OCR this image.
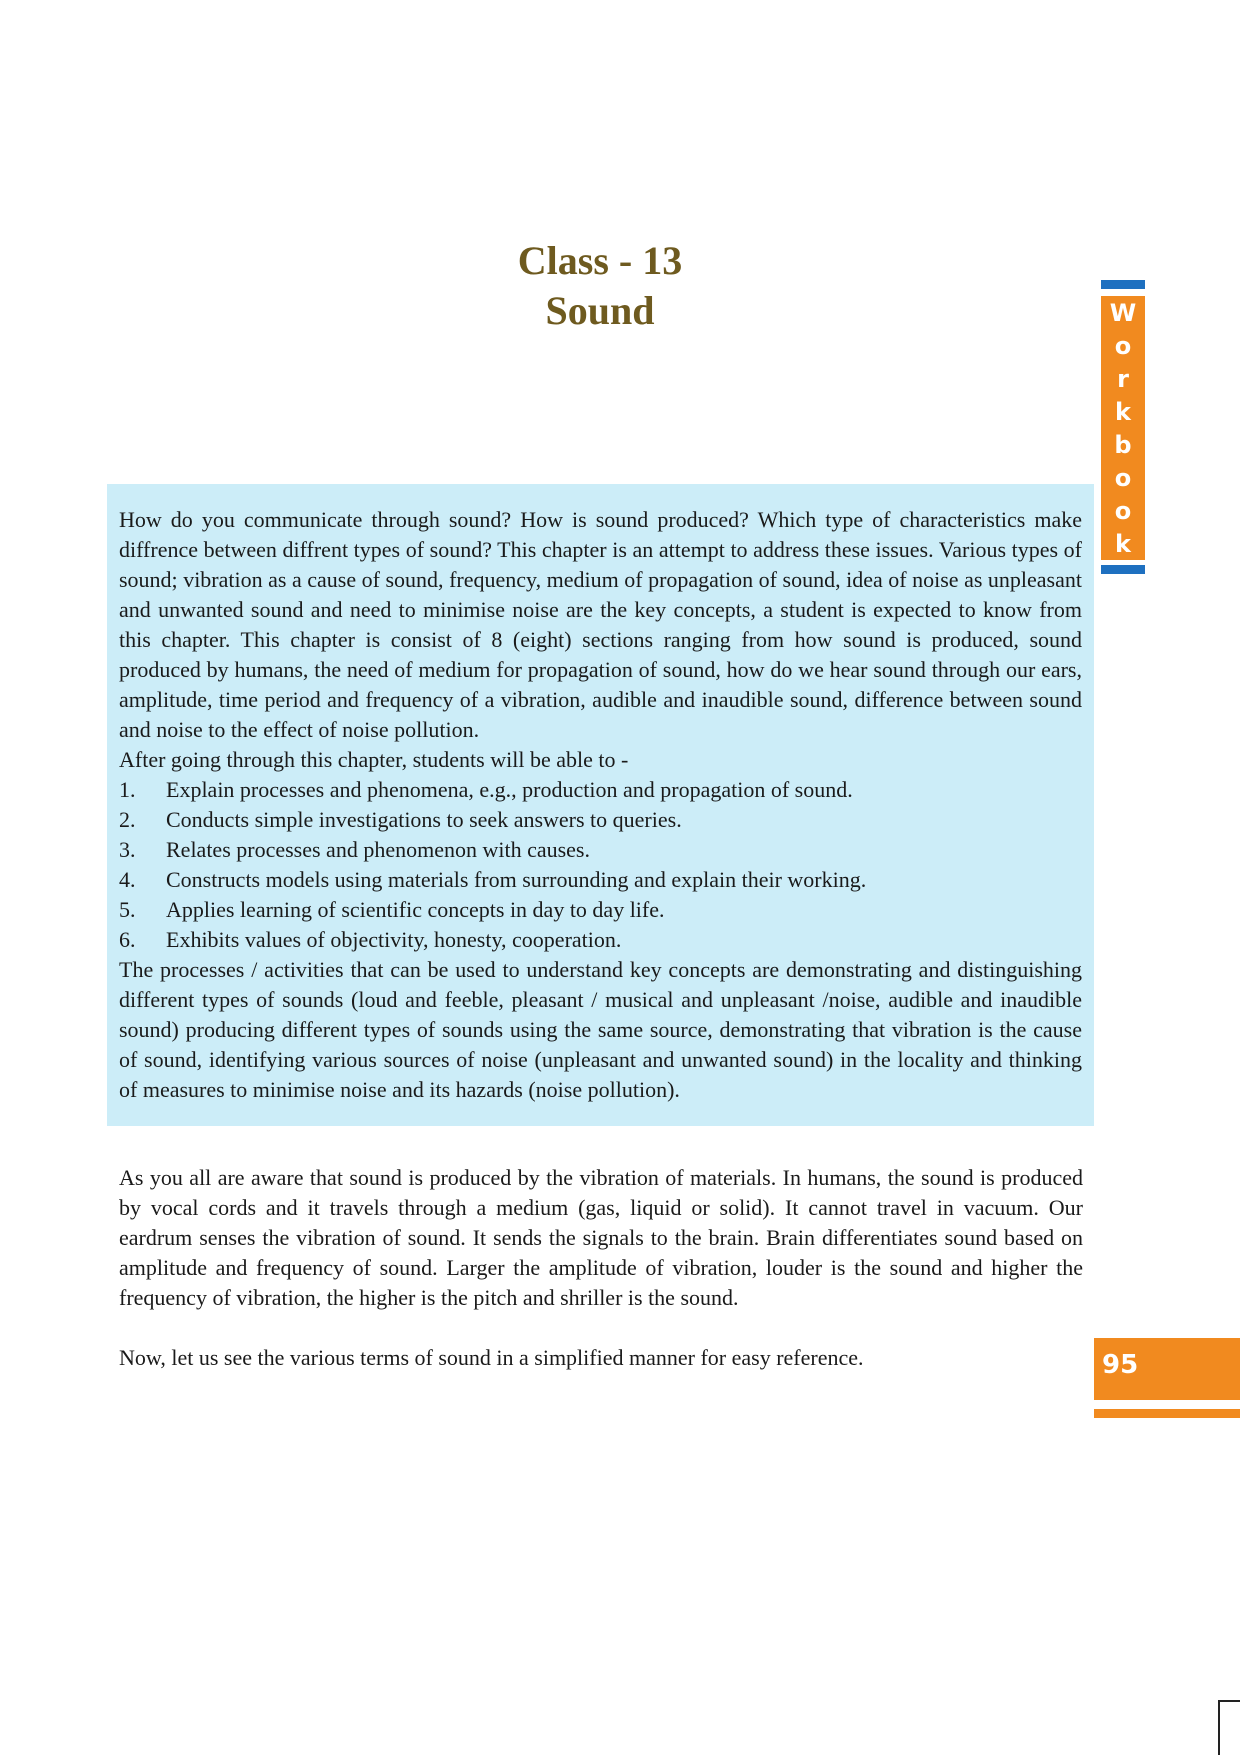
Class - 13
Sound	W
o
r
k
b
o
o
k

How do you communicate through sound? How is sound produced? Which type of characteristics make diffrence between diffrent types of sound? This chapter is an attempt to address these issues. Various types of sound; vibration as a cause of sound, frequency, medium of propagation of sound, idea of noise as unpleasant and unwanted sound and need to minimise noise are the key concepts, a student is expected to know from this chapter. This chapter is consist of 8 (eight) sections ranging from how sound is produced, sound produced by humans, the need of medium for propagation of sound, how do we hear sound through our ears, amplitude, time period and frequency of a vibration, audible and inaudible sound, difference between sound and noise to the effect of noise pollution.

After going through this chapter, students will be able to -
1. Explain processes and phenomena, e.g., production and propagation of sound.
2. Conducts simple investigations to seek answers to queries.
3. Relates processes and phenomenon with causes.
4. Constructs models using materials from surrounding and explain their working.
5. Applies learning of scientific concepts in day to day life.
6. Exhibits values of objectivity, honesty, cooperation.

The processes / activities that can be used to understand key concepts are demonstrating and distinguishing different types of sounds (loud and feeble, pleasant / musical and unpleasant /noise, audible and inaudible sound) producing different types of sounds using the same source, demonstrating that vibration is the cause of sound, identifying various sources of noise (unpleasant and unwanted sound) in the locality and thinking of measures to minimise noise and its hazards (noise pollution).

As you all are aware that sound is produced by the vibration of materials. In humans, the sound is produced by vocal cords and it travels through a medium (gas, liquid or solid). It cannot travel in vacuum. Our eardrum senses the vibration of sound. It sends the signals to the brain. Brain differentiates sound based on amplitude and frequency of sound. Larger the amplitude of vibration, louder is the sound and higher the frequency of vibration, the higher is the pitch and shriller is the sound.

Now, let us see the various terms of sound in a simplified manner for easy reference.	95
